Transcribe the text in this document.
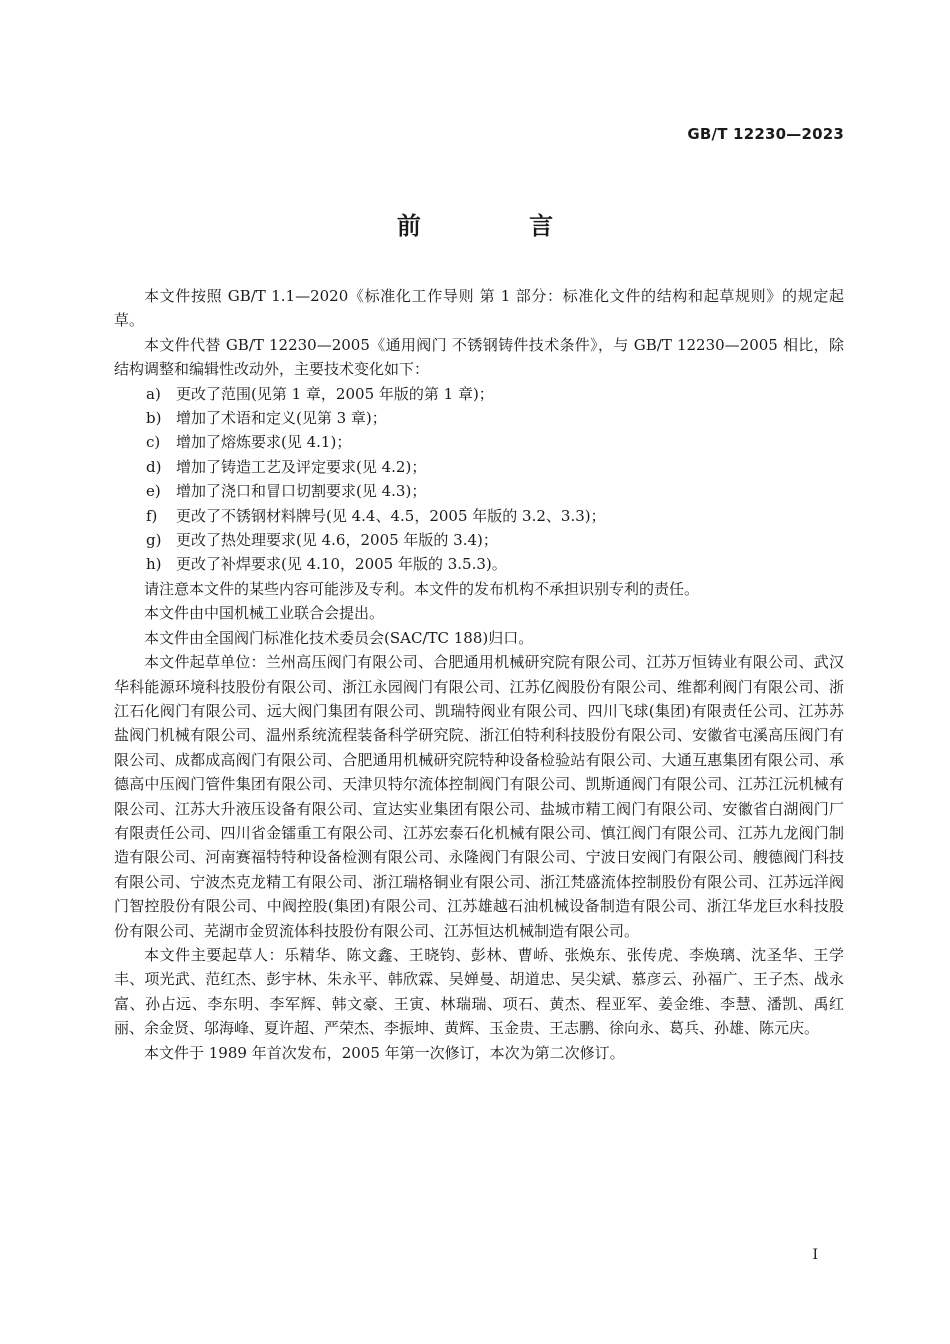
GB/T 12230—2023
前 言

本文件按照 GB/T 1.1—2020《标准化工作导则 第 1 部分：标准化文件的结构和起草规则》的规定起草。

本文件代替 GB/T 12230—2005《通用阀门 不锈钢铸件技术条件》，与 GB/T 12230—2005 相比，除结构调整和编辑性改动外，主要技术变化如下：

a) 更改了范围(见第 1 章，2005 年版的第 1 章)；

b) 增加了术语和定义(见第 3 章)；

c) 增加了熔炼要求(见 4.1)；

d) 增加了铸造工艺及评定要求(见 4.2)；

e) 增加了浇口和冒口切割要求(见 4.3)；

f) 更改了不锈钢材料牌号(见 4.4、4.5，2005 年版的 3.2、3.3)；

g) 更改了热处理要求(见 4.6，2005 年版的 3.4)；

h) 更改了补焊要求(见 4.10，2005 年版的 3.5.3)。

请注意本文件的某些内容可能涉及专利。本文件的发布机构不承担识别专利的责任。

本文件由中国机械工业联合会提出。

本文件由全国阀门标准化技术委员会(SAC/TC 188)归口。

本文件起草单位：兰州高压阀门有限公司、合肥通用机械研究院有限公司、江苏万恒铸业有限公司、武汉华科能源环境科技股份有限公司、浙江永园阀门有限公司、江苏亿阀股份有限公司、维都利阀门有限公司、浙江石化阀门有限公司、远大阀门集团有限公司、凯瑞特阀业有限公司、四川飞球(集团)有限责任公司、江苏苏盐阀门机械有限公司、温州系统流程装备科学研究院、浙江伯特利科技股份有限公司、安徽省屯溪高压阀门有限公司、成都成高阀门有限公司、合肥通用机械研究院特种设备检验站有限公司、大通互惠集团有限公司、承德高中压阀门管件集团有限公司、天津贝特尔流体控制阀门有限公司、凯斯通阀门有限公司、江苏江沅机械有限公司、江苏大升液压设备有限公司、宣达实业集团有限公司、盐城市精工阀门有限公司、安徽省白湖阀门厂有限责任公司、四川省金镭重工有限公司、江苏宏泰石化机械有限公司、慎江阀门有限公司、江苏九龙阀门制造有限公司、河南赛福特特种设备检测有限公司、永隆阀门有限公司、宁波日安阀门有限公司、艘德阀门科技有限公司、宁波杰克龙精工有限公司、浙江瑞格铜业有限公司、浙江梵盛流体控制股份有限公司、江苏远洋阀门智控股份有限公司、中阀控股(集团)有限公司、江苏雄越石油机械设备制造有限公司、浙江华龙巨水科技股份有限公司、芜湖市金贸流体科技股份有限公司、江苏恒达机械制造有限公司。

本文件主要起草人：乐精华、陈文鑫、王晓钧、彭林、曹峤、张焕东、张传虎、李焕璃、沈圣华、王学丰、项光武、范红杰、彭宇林、朱永平、韩欣霖、吴婵曼、胡道忠、吴尖斌、慕彦云、孙福广、王子杰、战永富、孙占远、李东明、李军辉、韩文豪、王寅、林瑞瑞、项石、黄杰、程亚军、姜金维、李慧、潘凯、禹红丽、余金贤、邬海峰、夏许超、严荣杰、李振坤、黄辉、玉金贵、王志鹏、徐向永、葛兵、孙雄、陈元庆。

本文件于 1989 年首次发布，2005 年第一次修订，本次为第二次修订。

I
